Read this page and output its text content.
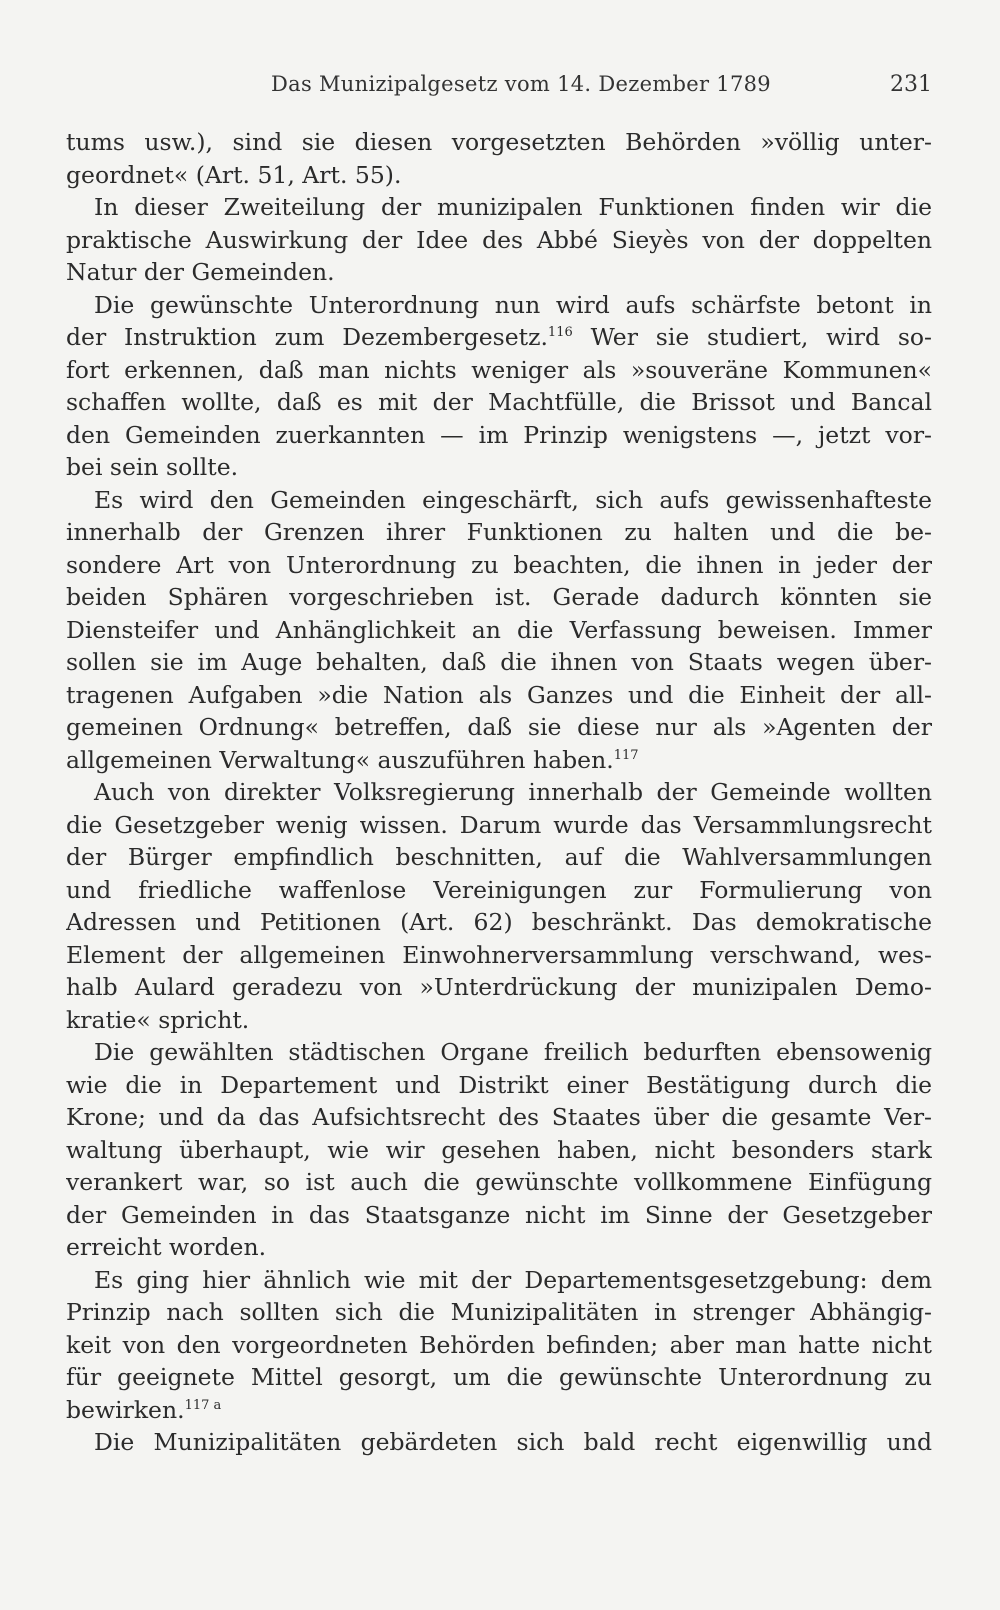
Das Munizipalgesetz vom 14. Dezember 1789	231
tums usw.), sind sie diesen vorgesetzten Behörden »völlig unter-
geordnet« (Art. 51, Art. 55).
In dieser Zweiteilung der munizipalen Funktionen finden wir die
praktische Auswirkung der Idee des Abbé Sieyès von der doppelten
Natur der Gemeinden.
Die gewünschte Unterordnung nun wird aufs schärfste betont in
der Instruktion zum Dezembergesetz.$^{116}$ Wer sie studiert, wird so-
fort erkennen, daß man nichts weniger als »souveräne Kommunen«
schaffen wollte, daß es mit der Machtfülle, die Brissot und Bancal
den Gemeinden zuerkannten — im Prinzip wenigstens —, jetzt vor-
bei sein sollte.
Es wird den Gemeinden eingeschärft, sich aufs gewissenhafteste
innerhalb der Grenzen ihrer Funktionen zu halten und die be-
sondere Art von Unterordnung zu beachten, die ihnen in jeder der
beiden Sphären vorgeschrieben ist. Gerade dadurch könnten sie
Diensteifer und Anhänglichkeit an die Verfassung beweisen. Immer
sollen sie im Auge behalten, daß die ihnen von Staats wegen über-
tragenen Aufgaben »die Nation als Ganzes und die Einheit der all-
gemeinen Ordnung« betreffen, daß sie diese nur als »Agenten der
allgemeinen Verwaltung« auszuführen haben.$^{117}$
Auch von direkter Volksregierung innerhalb der Gemeinde wollten
die Gesetzgeber wenig wissen. Darum wurde das Versammlungsrecht
der Bürger empfindlich beschnitten, auf die Wahlversammlungen
und friedliche waffenlose Vereinigungen zur Formulierung von
Adressen und Petitionen (Art. 62) beschränkt. Das demokratische
Element der allgemeinen Einwohnerversammlung verschwand, wes-
halb Aulard geradezu von »Unterdrückung der munizipalen Demo-
kratie« spricht.
Die gewählten städtischen Organe freilich bedurften ebensowenig
wie die in Departement und Distrikt einer Bestätigung durch die
Krone; und da das Aufsichtsrecht des Staates über die gesamte Ver-
waltung überhaupt, wie wir gesehen haben, nicht besonders stark
verankert war, so ist auch die gewünschte vollkommene Einfügung
der Gemeinden in das Staatsganze nicht im Sinne der Gesetzgeber
erreicht worden.
Es ging hier ähnlich wie mit der Departementsgesetzgebung: dem
Prinzip nach sollten sich die Munizipalitäten in strenger Abhängig-
keit von den vorgeordneten Behörden befinden; aber man hatte nicht
für geeignete Mittel gesorgt, um die gewünschte Unterordnung zu
bewirken.$^{117 a}$
Die Munizipalitäten gebärdeten sich bald recht eigenwillig und
